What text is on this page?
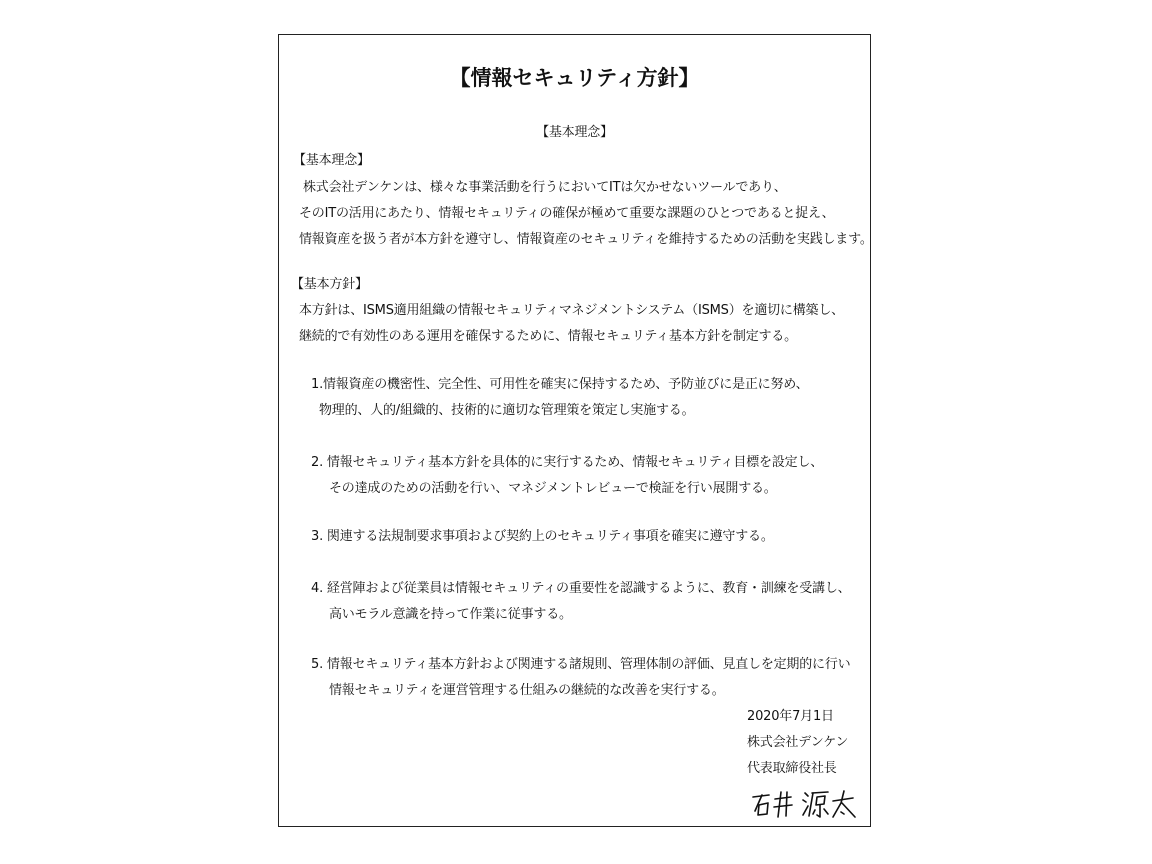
【情報セキュリティ方針】
【基本理念】
【基本理念】
株式会社デンケンは、様々な事業活動を行うにおいてITは欠かせないツールであり、
そのITの活用にあたり、情報セキュリティの確保が極めて重要な課題のひとつであると捉え、
情報資産を扱う者が本方針を遵守し、情報資産のセキュリティを維持するための活動を実践します。
【基本方針】
本方針は、ISMS適用組織の情報セキュリティマネジメントシステム（ISMS）を適切に構築し、
継続的で有効性のある運用を確保するために、情報セキュリティ基本方針を制定する。
1.情報資産の機密性、完全性、可用性を確実に保持するため、予防並びに是正に努め、
物理的、人的/組織的、技術的に適切な管理策を策定し実施する。
2. 情報セキュリティ基本方針を具体的に実行するため、情報セキュリティ目標を設定し、
その達成のための活動を行い、マネジメントレビューで検証を行い展開する。
3. 関連する法規制要求事項および契約上のセキュリティ事項を確実に遵守する。
4. 経営陣および従業員は情報セキュリティの重要性を認識するように、教育・訓練を受講し、
高いモラル意識を持って作業に従事する。
5. 情報セキュリティ基本方針および関連する諸規則、管理体制の評価、見直しを定期的に行い
情報セキュリティを運営管理する仕組みの継続的な改善を実行する。
2020年7月1日
株式会社デンケン
代表取締役社長
